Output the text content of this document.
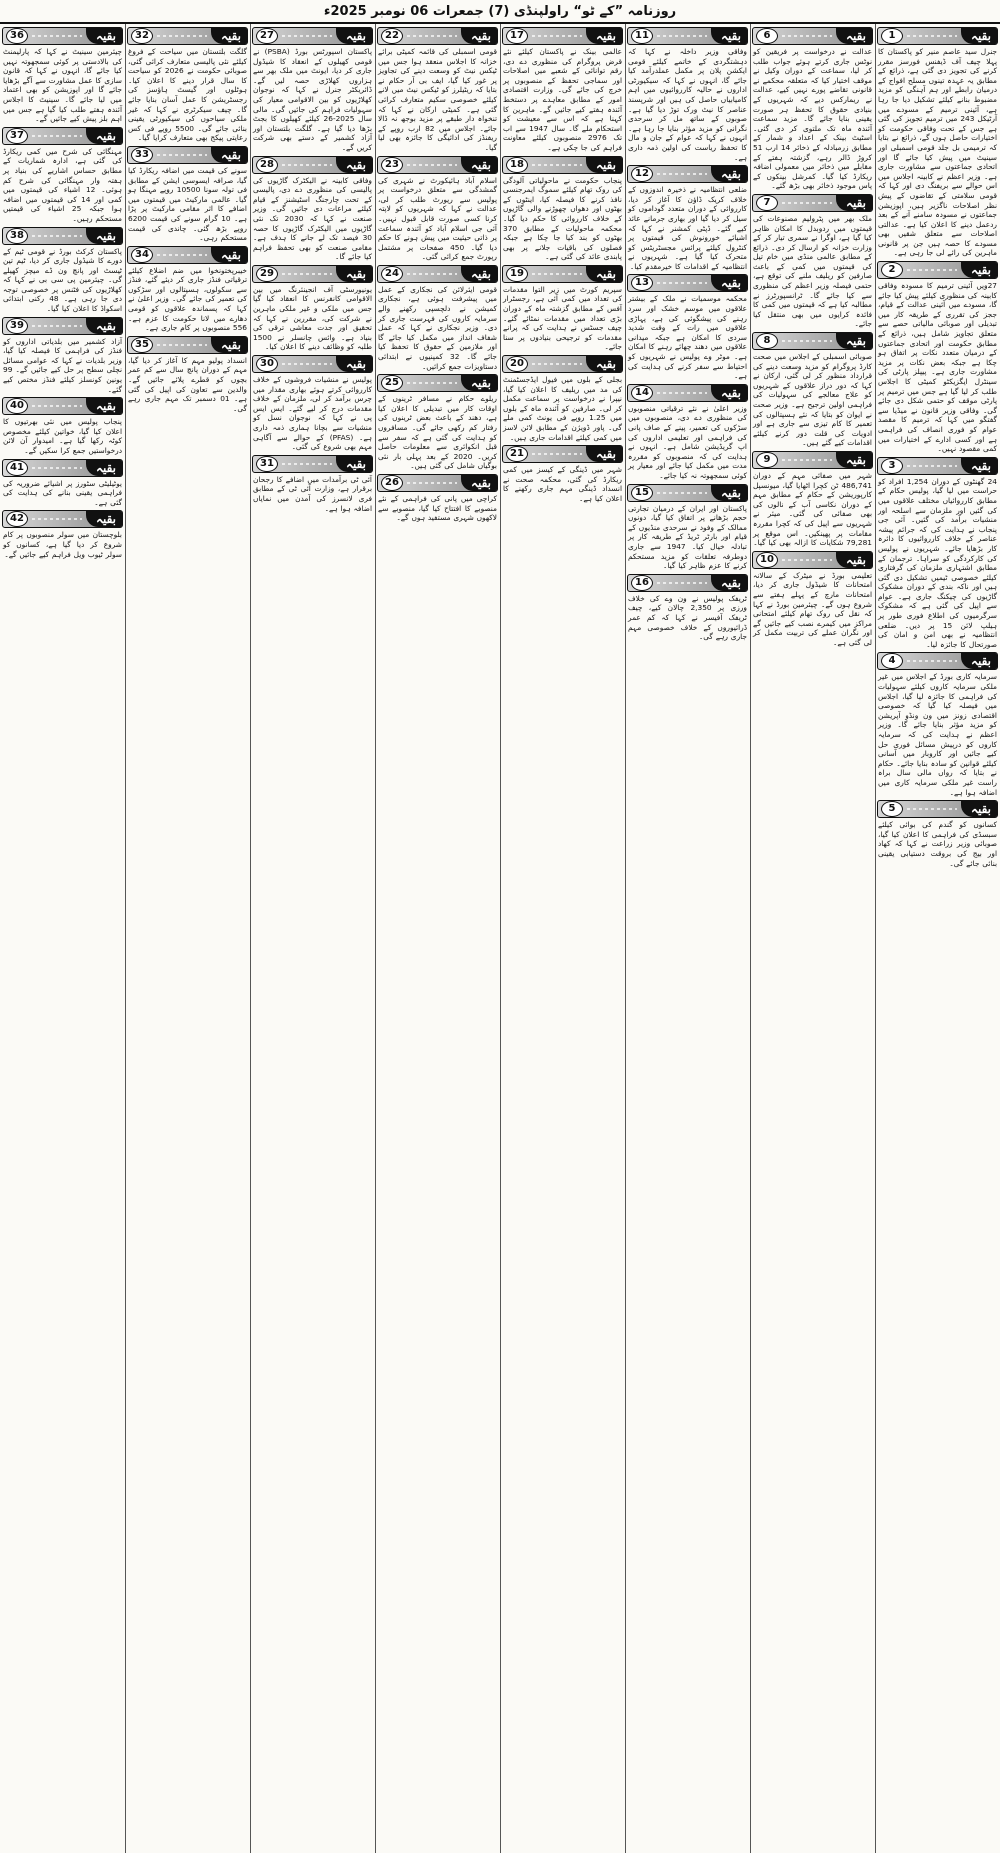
روزنامہ ”کے ٹو“ راولپنڈی (7) جمعرات 06 نومبر 2025ء
بقیہ
1

جنرل سید عاصم منیر کو پاکستان کا پہلا چیف آف ڈیفنس فورسز مقرر کرنے کی تجویز دی گئی ہے، ذرائع کے مطابق یہ عہدہ تینوں مسلح افواج کے درمیان رابطے اور ہم آہنگی کو مزید مضبوط بنانے کیلئے تشکیل دیا جا رہا ہے، آئینی ترمیم کے مسودے میں آرٹیکل 243 میں ترمیم تجویز کی گئی ہے جس کے تحت وفاقی حکومت کو اختیارات حاصل ہوں گے، ذرائع نے بتایا کہ ترمیمی بل جلد قومی اسمبلی اور سینیٹ میں پیش کیا جائے گا اور اتحادی جماعتوں سے مشاورت جاری ہے۔ وزیر اعظم نے کابینہ اجلاس میں اس حوالے سے بریفنگ دی اور کہا کہ قومی سلامتی کے تقاضوں کے پیش نظر اصلاحات ناگزیر ہیں، اپوزیشن جماعتوں نے مسودہ سامنے آنے کے بعد ردعمل دینے کا اعلان کیا ہے۔ عدالتی اصلاحات سے متعلق شقیں بھی مسودے کا حصہ ہیں جن پر قانونی ماہرین کی رائے لی جا رہی ہے۔

بقیہ
2

27ویں آئینی ترمیم کا مسودہ وفاقی کابینہ کی منظوری کیلئے پیش کیا جائے گا، مسودے میں آئینی عدالت کے قیام، ججز کی تقرری کے طریقہ کار میں تبدیلی اور صوبائی مالیاتی حصے سے متعلق تجاویز شامل ہیں، ذرائع کے مطابق حکومت اور اتحادی جماعتوں کے درمیان متعدد نکات پر اتفاق ہو چکا ہے جبکہ بعض نکات پر مزید مشاورت جاری ہے۔ پیپلز پارٹی کی سینٹرل ایگزیکٹو کمیٹی کا اجلاس طلب کر لیا گیا ہے جس میں ترمیم پر پارٹی موقف کو حتمی شکل دی جائے گی۔ وفاقی وزیر قانون نے میڈیا سے گفتگو میں کہا کہ ترمیم کا مقصد عوام کو فوری انصاف کی فراہمی ہے اور کسی ادارے کے اختیارات میں کمی مقصود نہیں۔

بقیہ
3

24 گھنٹوں کے دوران 1,254 افراد کو حراست میں لیا گیا، پولیس حکام کے مطابق کارروائیاں مختلف علاقوں میں کی گئیں اور ملزمان سے اسلحہ اور منشیات برآمد کی گئیں۔ آئی جی پنجاب نے ہدایت کی کہ جرائم پیشہ عناصر کے خلاف کارروائیوں کا دائرہ کار بڑھایا جائے۔ شہریوں نے پولیس کی کارکردگی کو سراہا۔ ترجمان کے مطابق اشتہاری ملزمان کی گرفتاری کیلئے خصوصی ٹیمیں تشکیل دی گئی ہیں اور ناکہ بندی کے دوران مشکوک گاڑیوں کی چیکنگ جاری ہے۔ عوام سے اپیل کی گئی ہے کہ مشکوک سرگرمیوں کی اطلاع فوری طور پر ہیلپ لائن 15 پر دیں۔ ضلعی انتظامیہ نے بھی امن و امان کی صورتحال کا جائزہ لیا۔

بقیہ
4

سرمایہ کاری بورڈ کے اجلاس میں غیر ملکی سرمایہ کاروں کیلئے سہولیات کی فراہمی کا جائزہ لیا گیا، اجلاس میں فیصلہ کیا گیا کہ خصوصی اقتصادی زونز میں ون ونڈو آپریشن کو مزید مؤثر بنایا جائے گا۔ وزیر اعظم نے ہدایت کی کہ سرمایہ کاروں کو درپیش مسائل فوری حل کیے جائیں اور کاروبار میں آسانی کیلئے قوانین کو سادہ بنایا جائے۔ حکام نے بتایا کہ رواں مالی سال براہ راست غیر ملکی سرمایہ کاری میں اضافہ ہوا ہے۔

بقیہ
5

کسانوں کو گندم کی بوائی کیلئے سبسڈی کی فراہمی کا اعلان کیا گیا، صوبائی وزیر زراعت نے کہا کہ کھاد اور بیج کی بروقت دستیابی یقینی بنائی جائے گی۔

بقیہ
6

عدالت نے درخواست پر فریقین کو نوٹس جاری کرتے ہوئے جواب طلب کر لیا، سماعت کے دوران وکیل نے موقف اختیار کیا کہ متعلقہ محکمے نے قانونی تقاضے پورے نہیں کیے، عدالت نے ریمارکس دیے کہ شہریوں کے بنیادی حقوق کا تحفظ ہر صورت یقینی بنایا جائے گا۔ مزید سماعت آئندہ ماہ تک ملتوی کر دی گئی۔ اسٹیٹ بینک کے اعداد و شمار کے مطابق زرمبادلہ کے ذخائر 14 ارب 51 کروڑ ڈالر رہے، گزشتہ ہفتے کے مقابلے میں ذخائر میں معمولی اضافہ ریکارڈ کیا گیا۔ کمرشل بینکوں کے پاس موجود ذخائر بھی بڑھ گئے۔

بقیہ
7

ملک بھر میں پٹرولیم مصنوعات کی قیمتوں میں ردوبدل کا امکان ظاہر کیا گیا ہے، اوگرا نے سمری تیار کر کے وزارت خزانہ کو ارسال کر دی۔ ذرائع کے مطابق عالمی منڈی میں خام تیل کی قیمتوں میں کمی کے باعث صارفین کو ریلیف ملنے کی توقع ہے، حتمی فیصلہ وزیر اعظم کی منظوری سے کیا جائے گا۔ ٹرانسپورٹرز نے مطالبہ کیا ہے کہ قیمتوں میں کمی کا فائدہ کرایوں میں بھی منتقل کیا جائے۔

بقیہ
8

صوبائی اسمبلی کے اجلاس میں صحت کارڈ پروگرام کو مزید وسعت دینے کی قرارداد منظور کر لی گئی، ارکان نے کہا کہ دور دراز علاقوں کے شہریوں کو علاج معالجے کی سہولیات کی فراہمی اولین ترجیح ہے۔ وزیر صحت نے ایوان کو بتایا کہ نئے ہسپتالوں کی تعمیر کا کام تیزی سے جاری ہے اور ادویات کی قلت دور کرنے کیلئے اقدامات کیے گئے ہیں۔

بقیہ
9

شہر میں صفائی مہم کے دوران 486,741 ٹن کچرا اٹھایا گیا، میونسپل کارپوریشن کے حکام کے مطابق مہم کے دوران نکاسی آب کے نالوں کی بھی صفائی کی گئی۔ میئر نے شہریوں سے اپیل کی کہ کچرا مقررہ مقامات پر پھینکیں۔ اس موقع پر 79,281 شکایات کا ازالہ بھی کیا گیا۔

بقیہ
10

تعلیمی بورڈ نے میٹرک کے سالانہ امتحانات کا شیڈول جاری کر دیا، امتحانات مارچ کے پہلے ہفتے سے شروع ہوں گے۔ چیئرمین بورڈ نے کہا کہ نقل کی روک تھام کیلئے امتحانی مراکز میں کیمرے نصب کیے جائیں گے اور نگران عملے کی تربیت مکمل کر لی گئی ہے۔

بقیہ
11

وفاقی وزیر داخلہ نے کہا کہ دہشتگردی کے خاتمے کیلئے قومی ایکشن پلان پر مکمل عملدرآمد کیا جائے گا، انہوں نے کہا کہ سیکیورٹی اداروں نے حالیہ کارروائیوں میں اہم کامیابیاں حاصل کی ہیں اور شرپسند عناصر کا نیٹ ورک توڑ دیا گیا ہے۔ صوبوں کے ساتھ مل کر سرحدی نگرانی کو مزید مؤثر بنایا جا رہا ہے۔ انہوں نے کہا کہ عوام کے جان و مال کا تحفظ ریاست کی اولین ذمہ داری ہے۔

بقیہ
12

ضلعی انتظامیہ نے ذخیرہ اندوزوں کے خلاف کریک ڈاؤن کا آغاز کر دیا، کارروائی کے دوران متعدد گوداموں کو سیل کر دیا گیا اور بھاری جرمانے عائد کیے گئے۔ ڈپٹی کمشنر نے کہا کہ اشیائے خورونوش کی قیمتوں پر کنٹرول کیلئے پرائس مجسٹریٹس کو متحرک کیا گیا ہے۔ شہریوں نے انتظامیہ کے اقدامات کا خیرمقدم کیا۔

بقیہ
13

محکمہ موسمیات نے ملک کے بیشتر علاقوں میں موسم خشک اور سرد رہنے کی پیشگوئی کی ہے، پہاڑی علاقوں میں رات کے وقت شدید سردی کا امکان ہے جبکہ میدانی علاقوں میں دھند چھائے رہنے کا امکان ہے۔ موٹر وے پولیس نے شہریوں کو احتیاط سے سفر کرنے کی ہدایت کی ہے۔

بقیہ
14

وزیر اعلیٰ نے نئے ترقیاتی منصوبوں کی منظوری دے دی، منصوبوں میں سڑکوں کی تعمیر، پینے کے صاف پانی کی فراہمی اور تعلیمی اداروں کی اپ گریڈیشن شامل ہے۔ انہوں نے ہدایت کی کہ منصوبوں کو مقررہ مدت میں مکمل کیا جائے اور معیار پر کوئی سمجھوتہ نہ کیا جائے۔

بقیہ
15

پاکستان اور ایران کے درمیان تجارتی حجم بڑھانے پر اتفاق کیا گیا، دونوں ممالک کے وفود نے سرحدی منڈیوں کے قیام اور بارٹر ٹریڈ کے طریقہ کار پر تبادلہ خیال کیا۔ 1947 سے جاری دوطرفہ تعلقات کو مزید مستحکم کرنے کا عزم ظاہر کیا گیا۔

بقیہ
16

ٹریفک پولیس نے ون وے کی خلاف ورزی پر 2,350 چالان کیے، چیف ٹریفک آفیسر نے کہا کہ کم عمر ڈرائیوروں کے خلاف خصوصی مہم جاری رہے گی۔

بقیہ
17

عالمی بینک نے پاکستان کیلئے نئے قرض پروگرام کی منظوری دے دی، رقم توانائی کے شعبے میں اصلاحات اور سماجی تحفظ کے منصوبوں پر خرچ کی جائے گی۔ وزارت اقتصادی امور کے مطابق معاہدے پر دستخط آئندہ ہفتے کیے جائیں گے۔ ماہرین کا کہنا ہے کہ اس سے معیشت کو استحکام ملے گا۔ سال 1947 سے اب تک 2976 منصوبوں کیلئے معاونت فراہم کی جا چکی ہے۔

بقیہ
18

پنجاب حکومت نے ماحولیاتی آلودگی کی روک تھام کیلئے سموگ ایمرجنسی نافذ کرنے کا فیصلہ کیا، اینٹوں کے بھٹوں اور دھواں چھوڑنے والی گاڑیوں کے خلاف کارروائی کا حکم دیا گیا۔ محکمہ ماحولیات کے مطابق 370 بھٹوں کو بند کیا جا چکا ہے جبکہ فصلوں کی باقیات جلانے پر بھی پابندی عائد کی گئی ہے۔

بقیہ
19

سپریم کورٹ میں زیر التوا مقدمات کی تعداد میں کمی آئی ہے، رجسٹرار آفس کے مطابق گزشتہ ماہ کے دوران بڑی تعداد میں مقدمات نمٹائے گئے۔ چیف جسٹس نے ہدایت کی کہ پرانے مقدمات کو ترجیحی بنیادوں پر سنا جائے۔

بقیہ
20

بجلی کے بلوں میں فیول ایڈجسٹمنٹ کی مد میں ریلیف کا اعلان کیا گیا، نیپرا نے درخواست پر سماعت مکمل کر لی۔ صارفین کو آئندہ ماہ کے بلوں میں 1.25 روپے فی یونٹ کمی ملے گی۔ پاور ڈویژن کے مطابق لائن لاسز میں کمی کیلئے اقدامات جاری ہیں۔

بقیہ
21

شہر میں ڈینگی کے کیسز میں کمی ریکارڈ کی گئی، محکمہ صحت نے انسداد ڈینگی مہم جاری رکھنے کا اعلان کیا ہے۔

بقیہ
22

قومی اسمبلی کی قائمہ کمیٹی برائے خزانہ کا اجلاس منعقد ہوا جس میں ٹیکس نیٹ کو وسعت دینے کی تجاویز پر غور کیا گیا، ایف بی آر حکام نے بتایا کہ ریٹیلرز کو ٹیکس نیٹ میں لانے کیلئے خصوصی سکیم متعارف کرائی گئی ہے۔ کمیٹی ارکان نے کہا کہ تنخواہ دار طبقے پر مزید بوجھ نہ ڈالا جائے۔ اجلاس میں 82 ارب روپے کے ریفنڈز کی ادائیگی کا جائزہ بھی لیا گیا۔

بقیہ
23

اسلام آباد ہائیکورٹ نے شہری کی گمشدگی سے متعلق درخواست پر پولیس سے رپورٹ طلب کر لی، عدالت نے کہا کہ شہریوں کو لاپتہ کرنا کسی صورت قابل قبول نہیں۔ آئی جی اسلام آباد کو آئندہ سماعت پر ذاتی حیثیت میں پیش ہونے کا حکم دیا گیا۔ 450 صفحات پر مشتمل رپورٹ جمع کرائی گئی۔

بقیہ
24

قومی ایئرلائن کی نجکاری کے عمل میں پیشرفت ہوئی ہے، نجکاری کمیشن نے دلچسپی رکھنے والے سرمایہ کاروں کی فہرست جاری کر دی۔ وزیر نجکاری نے کہا کہ عمل شفاف انداز میں مکمل کیا جائے گا اور ملازمین کے حقوق کا تحفظ کیا جائے گا۔ 32 کمپنیوں نے ابتدائی دستاویزات جمع کرائیں۔

بقیہ
25

ریلوے حکام نے مسافر ٹرینوں کے اوقات کار میں تبدیلی کا اعلان کیا ہے، دھند کے باعث بعض ٹرینوں کی رفتار کم رکھی جائے گی۔ مسافروں کو ہدایت کی گئی ہے کہ سفر سے قبل انکوائری سے معلومات حاصل کریں۔ 2020 کے بعد پہلی بار نئی بوگیاں شامل کی گئی ہیں۔

بقیہ
26

کراچی میں پانی کی فراہمی کے نئے منصوبے کا افتتاح کیا گیا، منصوبے سے لاکھوں شہری مستفید ہوں گے۔

بقیہ
27

پاکستان اسپورٹس بورڈ (PSBA) نے قومی کھیلوں کے انعقاد کا شیڈول جاری کر دیا، ایونٹ میں ملک بھر سے ہزاروں کھلاڑی حصہ لیں گے۔ ڈائریکٹر جنرل نے کہا کہ نوجوان کھلاڑیوں کو بین الاقوامی معیار کی سہولیات فراہم کی جائیں گی۔ مالی سال 2025-26 کیلئے کھیلوں کا بجٹ بڑھا دیا گیا ہے۔ گلگت بلتستان اور آزاد کشمیر کے دستے بھی شرکت کریں گے۔

بقیہ
28

وفاقی کابینہ نے الیکٹرک گاڑیوں کی پالیسی کی منظوری دے دی، پالیسی کے تحت چارجنگ اسٹیشنز کے قیام کیلئے مراعات دی جائیں گی۔ وزیر صنعت نے کہا کہ 2030 تک نئی گاڑیوں میں الیکٹرک گاڑیوں کا حصہ 30 فیصد تک لے جانے کا ہدف ہے۔ مقامی صنعت کو بھی تحفظ فراہم کیا جائے گا۔

بقیہ
29

یونیورسٹی آف انجینئرنگ میں بین الاقوامی کانفرنس کا انعقاد کیا گیا جس میں ملکی و غیر ملکی ماہرین نے شرکت کی، مقررین نے کہا کہ تحقیق اور جدت معاشی ترقی کی بنیاد ہے۔ وائس چانسلر نے 1500 طلبہ کو وظائف دینے کا اعلان کیا۔

بقیہ
30

پولیس نے منشیات فروشوں کے خلاف کارروائی کرتے ہوئے بھاری مقدار میں چرس برآمد کر لی، ملزمان کے خلاف مقدمات درج کر لیے گئے۔ ایس ایس پی نے کہا کہ نوجوان نسل کو منشیات سے بچانا ہماری ذمہ داری ہے۔ (PFAS) کے حوالے سے آگاہی مہم بھی شروع کی گئی۔

بقیہ
31

آئی ٹی برآمدات میں اضافے کا رجحان برقرار ہے، وزارت آئی ٹی کے مطابق فری لانسرز کی آمدن میں نمایاں اضافہ ہوا ہے۔

بقیہ
32

گلگت بلتستان میں سیاحت کے فروغ کیلئے نئی پالیسی متعارف کرائی گئی، صوبائی حکومت نے 2026 کو سیاحت کا سال قرار دینے کا اعلان کیا۔ ہوٹلوں اور گیسٹ ہاؤسز کی رجسٹریشن کا عمل آسان بنایا جائے گا۔ چیف سیکرٹری نے کہا کہ غیر ملکی سیاحوں کی سیکیورٹی یقینی بنائی جائے گی۔ 5500 روپے فی کس رعایتی پیکج بھی متعارف کرایا گیا۔

بقیہ
33

سونے کی قیمت میں اضافہ ریکارڈ کیا گیا، صرافہ ایسوسی ایشن کے مطابق فی تولہ سونا 10500 روپے مہنگا ہو گیا۔ عالمی مارکیٹ میں قیمتوں میں اضافے کا اثر مقامی مارکیٹ پر پڑا ہے۔ 10 گرام سونے کی قیمت 6200 روپے بڑھ گئی۔ چاندی کی قیمت مستحکم رہی۔

بقیہ
34

خیبرپختونخوا میں ضم اضلاع کیلئے ترقیاتی فنڈز جاری کر دیئے گئے، فنڈز سے سکولوں، ہسپتالوں اور سڑکوں کی تعمیر کی جائے گی۔ وزیر اعلیٰ نے کہا کہ پسماندہ علاقوں کو قومی دھارے میں لانا حکومت کا عزم ہے۔ 556 منصوبوں پر کام جاری ہے۔

بقیہ
35

انسداد پولیو مہم کا آغاز کر دیا گیا، مہم کے دوران پانچ سال سے کم عمر بچوں کو قطرے پلائے جائیں گے۔ والدین سے تعاون کی اپیل کی گئی ہے۔ 01 دسمبر تک مہم جاری رہے گی۔

بقیہ
36

چیئرمین سینیٹ نے کہا کہ پارلیمنٹ کی بالادستی پر کوئی سمجھوتہ نہیں کیا جائے گا، انہوں نے کہا کہ قانون سازی کا عمل مشاورت سے آگے بڑھایا جائے گا اور اپوزیشن کو بھی اعتماد میں لیا جائے گا۔ سینیٹ کا اجلاس آئندہ ہفتے طلب کیا گیا ہے جس میں اہم بلز پیش کیے جائیں گے۔

بقیہ
37

مہنگائی کی شرح میں کمی ریکارڈ کی گئی ہے، ادارہ شماریات کے مطابق حساس اشاریے کی بنیاد پر ہفتہ وار مہنگائی کی شرح کم ہوئی۔ 12 اشیاء کی قیمتوں میں کمی اور 14 کی قیمتوں میں اضافہ ہوا جبکہ 25 اشیاء کی قیمتیں مستحکم رہیں۔

بقیہ
38

پاکستان کرکٹ بورڈ نے قومی ٹیم کے دورے کا شیڈول جاری کر دیا، ٹیم تین ٹیسٹ اور پانچ ون ڈے میچز کھیلے گی۔ چیئرمین پی سی بی نے کہا کہ کھلاڑیوں کی فٹنس پر خصوصی توجہ دی جا رہی ہے۔ 48 رکنی ابتدائی اسکواڈ کا اعلان کیا گیا۔

بقیہ
39

آزاد کشمیر میں بلدیاتی اداروں کو فنڈز کی فراہمی کا فیصلہ کیا گیا، وزیر بلدیات نے کہا کہ عوامی مسائل نچلی سطح پر حل کیے جائیں گے۔ 99 یونین کونسلز کیلئے فنڈز مختص کیے گئے۔

بقیہ
40

پنجاب پولیس میں نئی بھرتیوں کا اعلان کیا گیا، خواتین کیلئے مخصوص کوٹہ رکھا گیا ہے۔ امیدوار آن لائن درخواستیں جمع کرا سکیں گے۔

بقیہ
41

یوٹیلیٹی سٹورز پر اشیائے ضروریہ کی فراہمی یقینی بنانے کی ہدایت کی گئی ہے۔

بقیہ
42

بلوچستان میں سولر منصوبوں پر کام شروع کر دیا گیا ہے، کسانوں کو سولر ٹیوب ویل فراہم کیے جائیں گے۔
